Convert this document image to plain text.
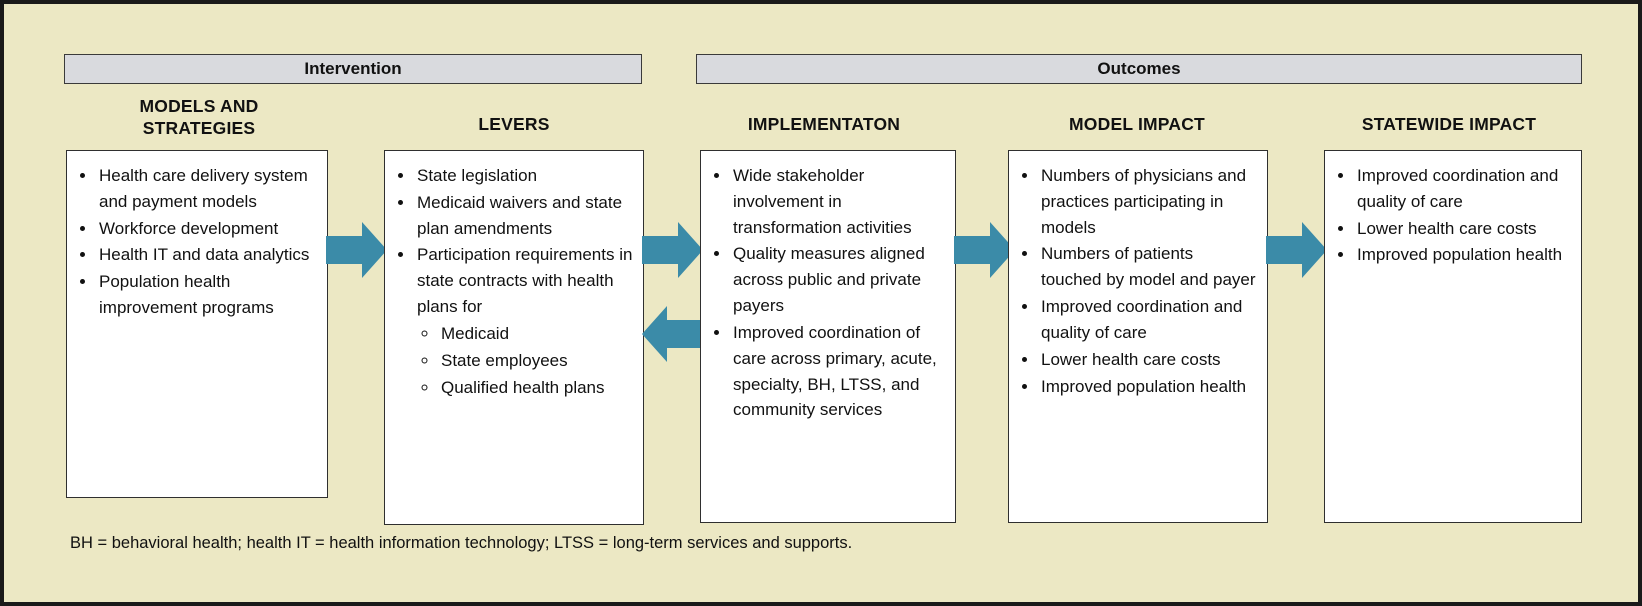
Intervention	Outcomes
MODELS AND
STRATEGIES
• Health care delivery system and payment models
• Workforce development
• Health IT and data analytics
• Population health improvement programs
LEVERS
• State legislation
• Medicaid waivers and state plan amendments
• Participation requirements in state contracts with health plans for
◦ Medicaid
◦ State employees
◦ Qualified health plans
IMPLEMENTATON
• Wide stakeholder involvement in transformation activities
• Quality measures aligned across public and private payers
• Improved coordination of care across primary, acute, specialty, BH, LTSS, and community services
MODEL IMPACT
• Numbers of physicians and practices participating in models
• Numbers of patients touched by model and payer
• Improved coordination and quality of care
• Lower health care costs
• Improved population health
STATEWIDE IMPACT
• Improved coordination and quality of care
• Lower health care costs
• Improved population health
BH = behavioral health; health IT = health information technology; LTSS = long-term services and supports.
